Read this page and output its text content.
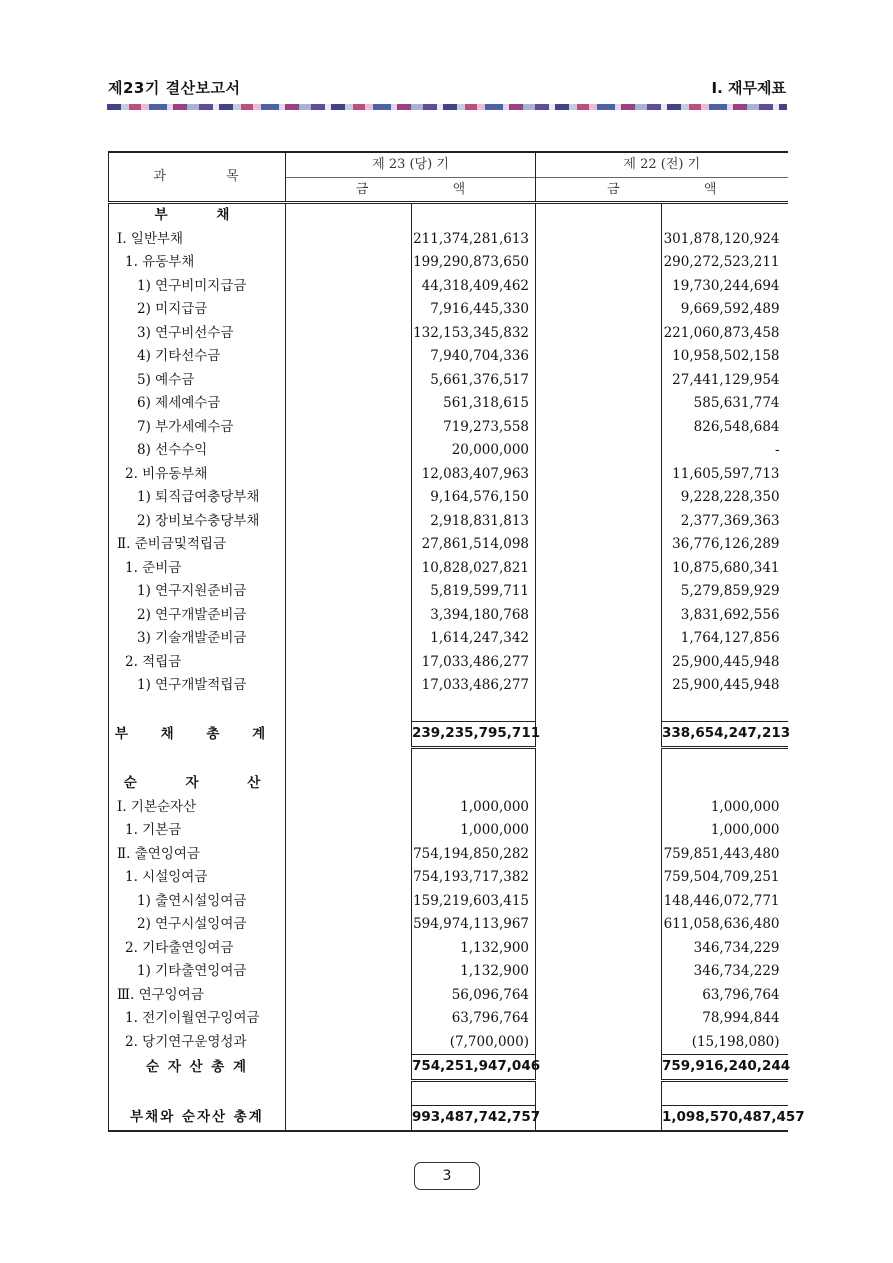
제23기 결산보고서	Ⅰ. 재무제표
과 목	제 23 (당) 기		제 22 (전) 기	
	금 액		금 액	
부 채				
Ⅰ. 일반부채		211,374,281,613		301,878,120,924
1. 유동부채		199,290,873,650		290,272,523,211
1) 연구비미지급금		44,318,409,462		19,730,244,694
2) 미지급금		7,916,445,330		9,669,592,489
3) 연구비선수금		132,153,345,832		221,060,873,458
4) 기타선수금		7,940,704,336		10,958,502,158
5) 예수금		5,661,376,517		27,441,129,954
6) 제세예수금		561,318,615		585,631,774
7) 부가세예수금		719,273,558		826,548,684
8) 선수수익		20,000,000		-
2. 비유동부채		12,083,407,963		11,605,597,713
1) 퇴직급여충당부채		9,164,576,150		9,228,228,350
2) 장비보수충당부채		2,918,831,813		2,377,369,363
Ⅱ. 준비금및적립금		27,861,514,098		36,776,126,289
1. 준비금		10,828,027,821		10,875,680,341
1) 연구지원준비금		5,819,599,711		5,279,859,929
2) 연구개발준비금		3,394,180,768		3,831,692,556
3) 기술개발준비금		1,614,247,342		1,764,127,856
2. 적립금		17,033,486,277		25,900,445,948
1) 연구개발적립금		17,033,486,277		25,900,445,948

부 채 총 계		239,235,795,711		338,654,247,213

순 자 산				
Ⅰ. 기본순자산		1,000,000		1,000,000
1. 기본금		1,000,000		1,000,000
Ⅱ. 출연잉여금		754,194,850,282		759,851,443,480
1. 시설잉여금		754,193,717,382		759,504,709,251
1) 출연시설잉여금		159,219,603,415		148,446,072,771
2) 연구시설잉여금		594,974,113,967		611,058,636,480
2. 기타출연잉여금		1,132,900		346,734,229
1) 기타출연잉여금		1,132,900		346,734,229
Ⅲ. 연구잉여금		56,096,764		63,796,764
1. 전기이월연구잉여금		63,796,764		78,994,844
2. 당기연구운영성과		(7,700,000)		(15,198,080)
순 자 산 총 계		754,251,947,046		759,916,240,244

부채와 순자산 총계		993,487,742,757		1,098,570,487,457
3
